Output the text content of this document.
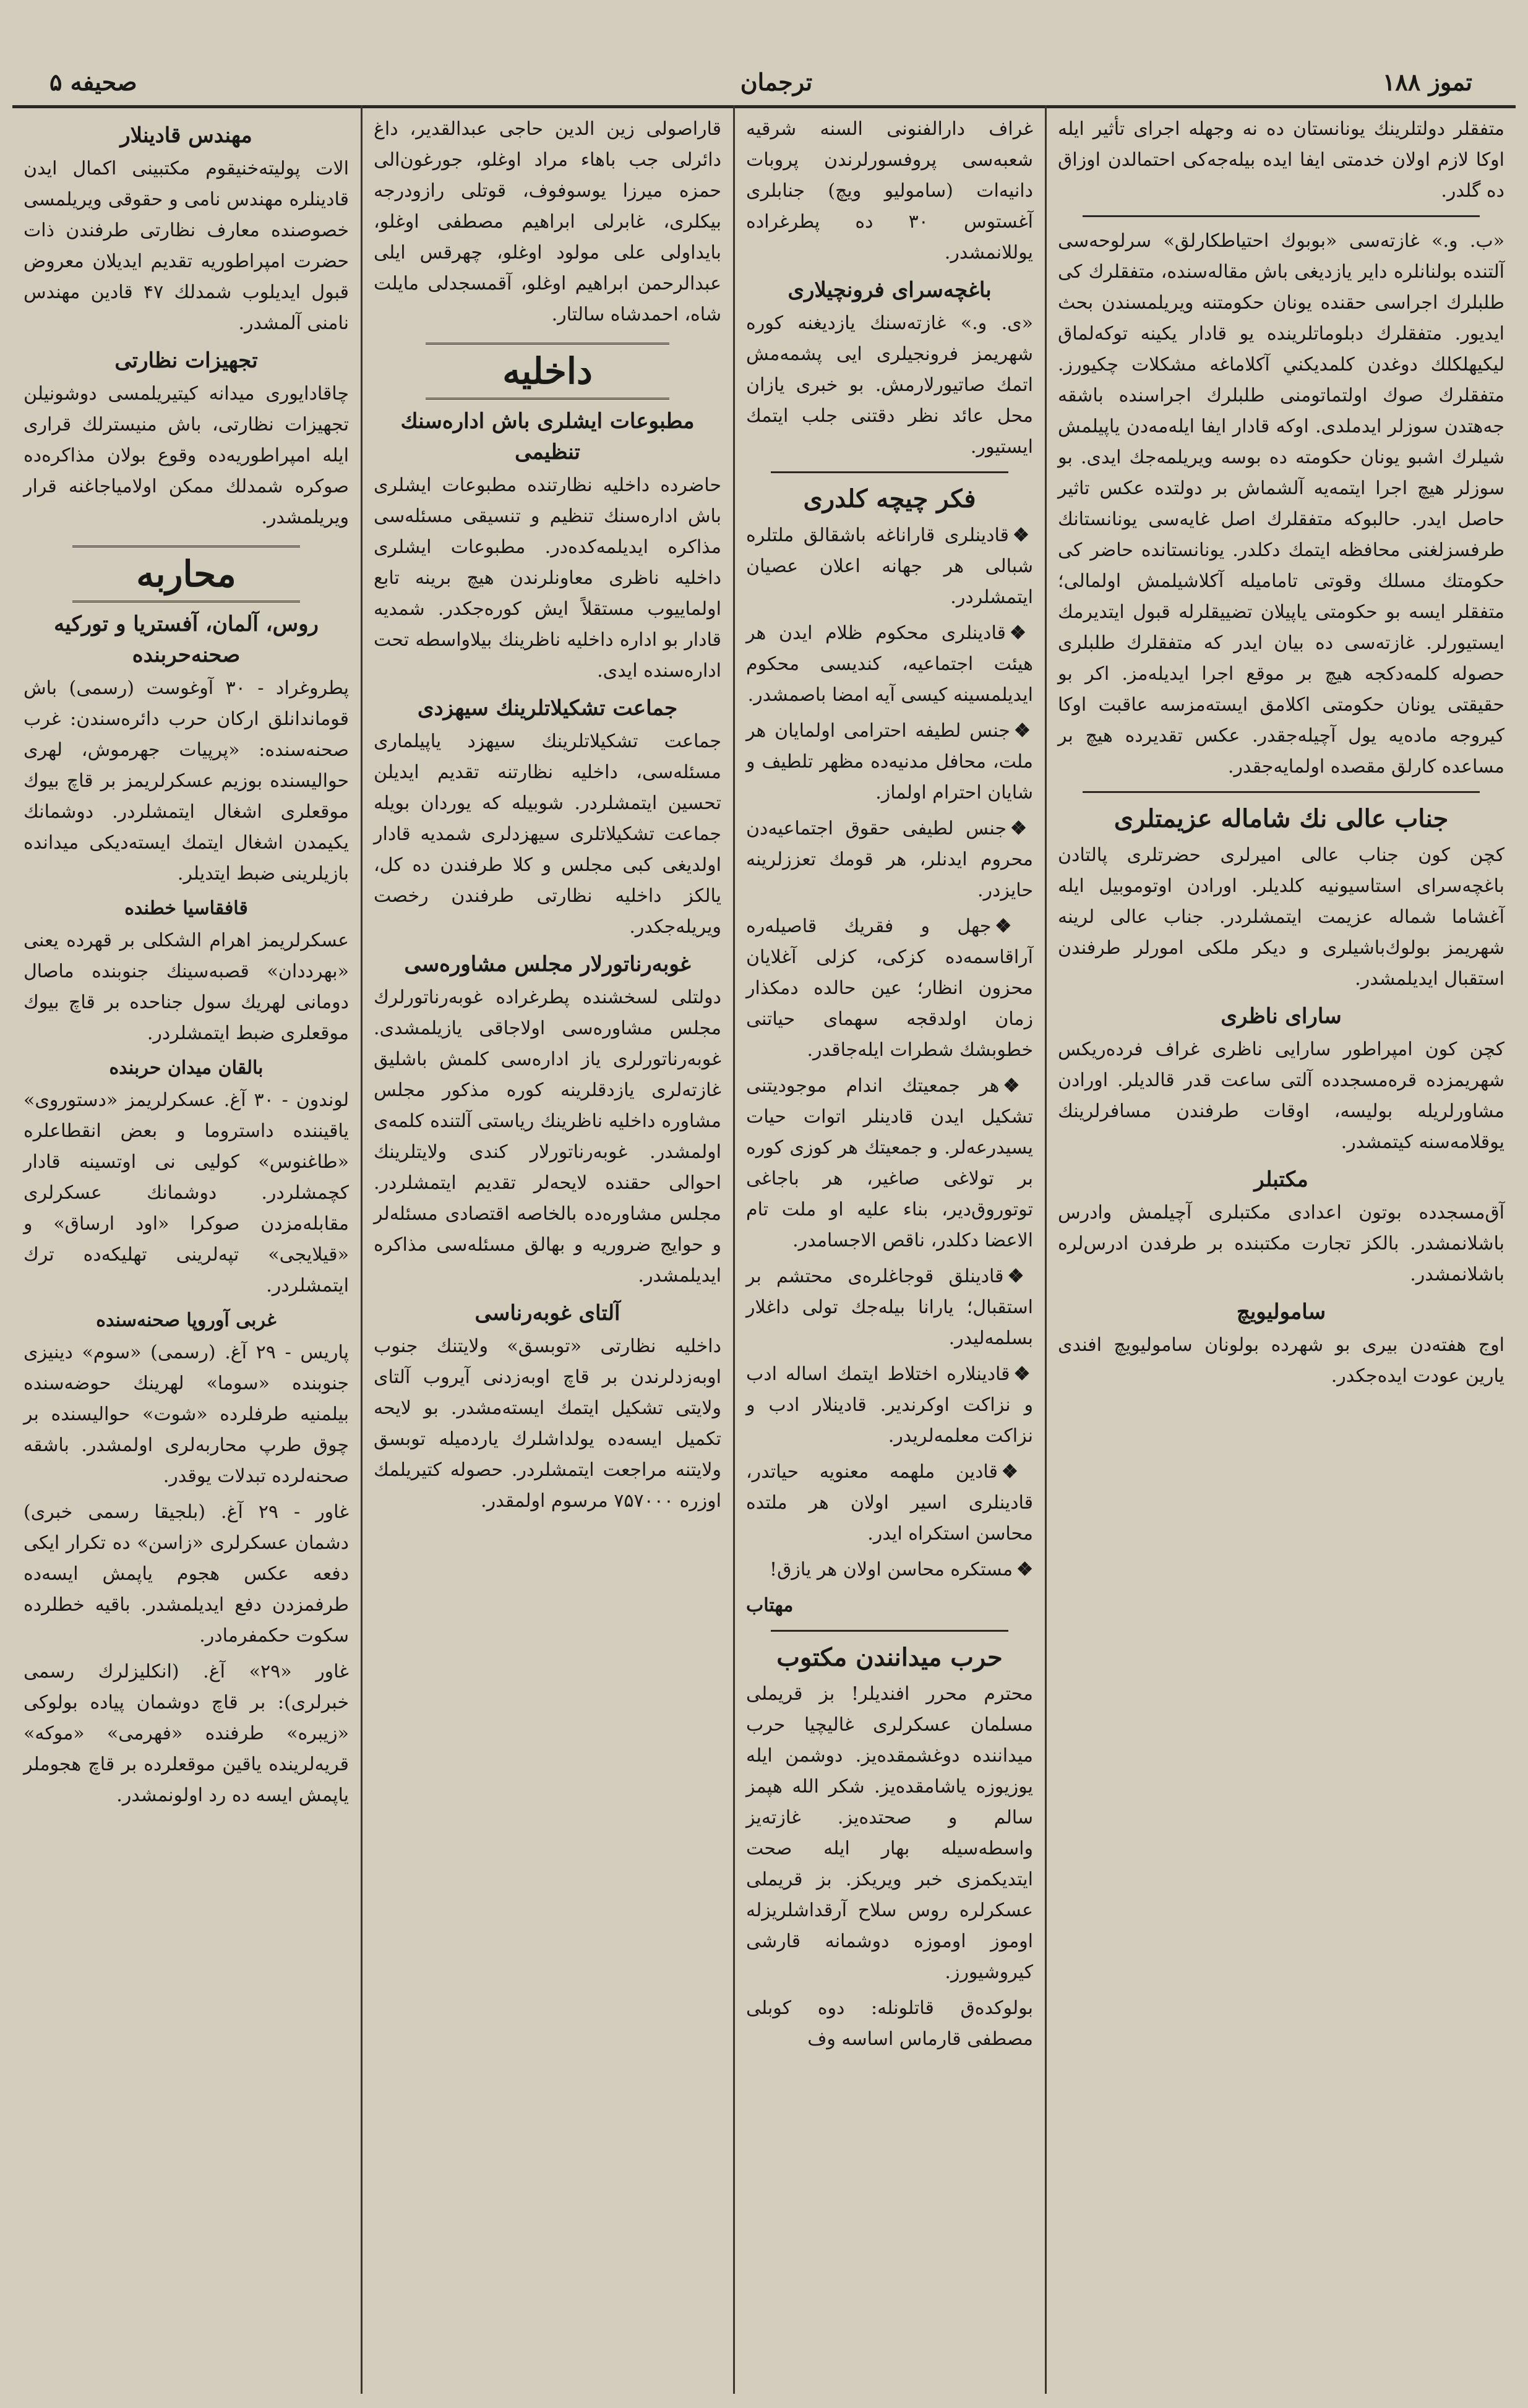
تموز ۱۸۸
ترجمان
صحیفه ۵

متفقلر دولتلرينك يونانستان ده نه وجهله اجراى تأثير ايله اوكا لازم اولان خدمتى ايفا ايده بيله‌جه‌كى احتمالدن اوزاق ده گلدر.

«ب. و.» غازته‌سى «بوبوك احتياطكارلق» سرلوحه‌سى آلتنده بولنانلره داير يازديغى باش مقاله‌سنده، متفقلرك كى طلبلرك اجراسى حقنده يونان حكومتنه ويريلمسندن بحث ايديور. متفقلرك دبلوماتلرينده يو قادار يكينه توكه‌لماق ليكيهلكلك دوغدن كلمديكني آكلاماغه مشكلات چكيورز. متفقلرك صوك اولتماتومنى طلبلرك اجراسنده باشقه جه‌هتدن سوزلر ايدملدى. اوكه قادار ايفا ايله‌مه‌دن ياپيلمش شيلرك اشبو يونان حكومته ده بوسه ويريلمه‌جك ايدى. بو سوزلر هيچ اجرا ايتمه‌يه آلشماش بر دولتده عكس تاثير حاصل ايدر. حالبوكه متفقلرك اصل غايه‌سى يونانستانك طرفسزلغنى محافظه ايتمك دكلدر. يونانستانده حاضر كى حكومتك مسلك وقوتى تاماميله آكلاشيلمش اولمالى؛ متفقلر ايسه بو حكومتى ياپيلان تضييقلرله قبول ايتديرمك ايستيورلر. غازته‌سى ده بيان ايدر كه متفقلرك طلبلرى حصوله كلمه‌دكجه هيچ بر موقع اجرا ايديله‌مز. اكر بو حقيقتى يونان حكومتى اكلامق ايسته‌مزسه عاقبت اوكا كيروجه ماده‌يه يول آچيله‌جقدر. عكس تقديرده هيچ بر مساعده كارلق مقصده اولمايه‌جقدر.

جناب عالى نك شاماله عزيمتلرى

كچن كون جناب عالى اميرلرى حضرتلرى پالتادن باغچه‌سراى استاسيونيه كلديلر. اورادن اوتوموبيل ايله آغشاما شماله عزيمت ايتمشلردر. جناب عالى لرينه شهريمز بولوك‌باشيلرى و ديكر ملكى امورلر طرفندن استقبال ايديلمشدر.

سارای ناظرى

كچن كون امپراطور سارايى ناظرى غراف فرده‌ريكس شهريمزده قره‌مسجدده آلتى ساعت قدر قالديلر. اورادن مشاورلريله بوليسه، اوقات طرفندن مسافرلرينك يوقلامه‌سنه كيتمشدر.

مكتبلر

آق‌مسجدده بوتون اعدادى مكتبلرى آچيلمش وادرس باشلانمشدر. بالكز تجارت مكتبنده بر طرفدن ادرس‌لره باشلانمشدر.

ساموليويچ

اوج هفته‌دن بيرى بو شهرده بولونان ساموليويچ افندى يارين عودت ايده‌جكدر.

غراف دارالفنونی السنه شرقیه شعبه‌سی پروفسورلرندن پروبات دانیه‌ات (ساموليو ويچ) جنابلری آغستوس ۳۰ ده پطرغراده يوللانمشدر.

باغچه‌سرای فرونچیلاری

«ی. و.» غازته‌سنك يازديغنه كوره شهريمز فرونجيلرى ايى پشمه‌مش اتمك صاتيورلارمش. بو خبرى يازان محل عائد نظر دقتنى جلب ايتمك ايستيور.

فكر چيچه كلدرى

❖قادينلرى قاراناغه باشقالق ملتلره شبالى هر جهانه اعلان عصيان ايتمشلردر.

❖قادينلرى محكوم ظلام ايدن هر هيئت اجتماعيه، كنديسى محكوم ايديلمسينه كيسى آيه امضا باصمشدر.

❖جنس لطيفه احترامى اولمايان هر ملت، محافل مدنيه‌ده مظهر تلطيف و شايان احترام اولماز.

❖جنس لطيفى حقوق اجتماعيه‌دن محروم ايدنلر، هر قومك تعززلرينه حايزدر.

❖جهل و فقريك قاصيله‌ره آراقاسمه‌ده كزكى، كزلى آغلايان محزون انظار؛ عين حالده دمكذار زمان اولدقجه سهماى حياتنى خطوبشك شطرات ايله‌جاقدر.

❖هر جمعيتك اندام موجوديتنى تشكيل ايدن قادينلر اتوات حيات يسيدرعه‌لر. و جمعيتك هر كوزى كوره بر تولاغى صاغير، هر باجاغى توتوروق‌دير، بناء عليه او ملت تام الاعضا دكلدر، ناقص الاجسامدر.

❖قادينلق قوجاغلره‌ى محتشم بر استقبال؛ يارانا بيله‌جك تولى داغلار بسلمه‌ليدر.

❖قادينلاره اختلاط ايتمك اساله ادب و نزاكت اوكرندير. قادينلار ادب و نزاكت معلمه‌لريدر.

❖قادين ملهمه معنويه حياتدر، قادينلرى اسير اولان هر ملتده محاسن استكراه ايدر.

❖مستكره محاسن اولان هر يازق!

مهتاب

حرب ميدانندن مكتوب

محترم محرر افنديلر! بز قريملى مسلمان عسكرلرى غاليچيا حرب ميداننده دوغشمقده‌يز. دوشمن ايله يوزيوزه ياشامقده‌يز. شكر الله هپمز سالم و صحتده‌يز. غازته‌يز واسطه‌سيله بهار ايله صحت ايتديكمزى خبر ويريكز. بز قريملى عسكرلره روس سلاح آرقداشلريزله اوموز اوموزه دوشمانه قارشى كيروشيورز.

بولوكده‌ق قاتلونله: دوه‌ كوبلى مصطفى قارماس اساسه وف

قاراصولی زين الدين حاجی عبدالقدير، داغ دائرلى جب باهاء مراد اوغلو، جورغون‌الى حمزه ميرزا يوسوفوف، قوتلى رازودرجه بيكلرى، غابرلى ابراهيم مصطفى اوغلو، بايداولى علی مولود اوغلو، چهرقس ايلى عبدالرحمن ابراهيم اوغلو، آقمسجدلى مايلت شاه، احمدشاه سالتار.

داخليه
مطبوعات ايشلرى باش اداره‌سنك تنظيمى

حاضرده داخليه نظارتنده مطبوعات ايشلرى باش اداره‌سنك تنظيم و تنسيقى مسئله‌سى مذاكره ايديلمه‌كده‌در. مطبوعات ايشلرى داخليه ناظرى معاونلرندن هيچ برينه تابع اولماييوب مستقلاً ايش كوره‌جكدر. شمديه قادار بو اداره داخليه ناظرينك بيلاواسطه تحت اداره‌سنده ايدى.

جماعت تشكيلاتلرينك سيهزدى

جماعت تشكيلاتلرينك سيهزد ياپيلمارى مسئله‌سى، داخليه نظارتنه تقديم ايديلن تحسين ايتمشلردر. شوبيله كه يوردان بويله جماعت تشكيلاتلرى سيهزدلرى شمديه قادار اولديغى كبى مجلس و كلا طرفندن ده كل، يالكز داخليه نظارتى طرفندن رخصت ويريله‌جكدر.

غوبه‌رناتورلار مجلس مشاوره‌سى

دولتلى لسخشنده پطرغراده غوبه‌رناتورلرك مجلس مشاوره‌سى اولاجاقى يازيلمشدى. غوبه‌رناتورلرى ياز اداره‌سى كلمش باشليق غازته‌لرى يازدقلرينه كوره مذكور مجلس مشاوره داخليه ناظرينك رياستى آلتنده كلمه‌ى اولمشدر. غوبه‌رناتورلار كندى ولايتلرينك احوالى حقنده لايحه‌لر تقديم ايتمشلردر. مجلس مشاوره‌ده بالخاصه اقتصادى مسئله‌لر و حوايج ضروريه و بهالق مسئله‌سى مذاكره ايديلمشدر.

آلتاى غوبه‌رناسى

داخليه نظارتى «توبسق» ولايتنك جنوب اوبه‌زدلرندن بر قاچ اوبه‌زدنى آيروب آلتاى ولايتى تشكيل ايتمك ايسته‌مشدر. بو لايحه تكميل ايسه‌ده يولداشلرك ياردميله توبسق ولايتنه مراجعت ايتمشلردر. حصوله كتيريلمك اوزره ۷۵۷۰۰۰ مرسوم اولمقدر.

مهندس قادینلار

الات پولیته‌خنیقوم مکتبینی اکمال ایدن قادينلره مهندس نامى و حقوقى ويريلمسى خصوصنده معارف نظارتى طرفندن ذات حضرت امپراطوريه تقديم ايديلان معروض قبول ايديلوب شمدلك ۴۷ قادين مهندس نامنى آلمشدر.

تجهیزات نظارتی

چاقادايورى ميدانه كيتيريلمسى دوشونيلن تجهيزات نظارتى، باش منيسترلك قرارى ايله امپراطوريه‌ده وقوع بولان مذاكره‌ده صوكره شمدلك ممكن اولامياجاغنه قرار ويريلمشدر.

محاربه
روس، آلمان، آفستريا و توركيه صحنه‌حربنده

پطروغراد - ۳۰ آوغوست (رسمى) باش قوماندانلق اركان حرب دائره‌سندن: غرب صحنه‌سنده: «پرپيات جهرموش، لهرى حواليسنده بوزيم عسكرلريمز بر قاچ بيوك موقعلرى اشغال ايتمشلردر. دوشمانك يكيمدن اشغال ايتمك ايسته‌ديكى ميدانده بازيلرينى ضبط ايتديلر.

قافقاسيا خطنده

عسكرلريمز اهرام الشكلى بر قهرده يعنى «بهرددان» قصبه‌سينك جنوبنده ماصال دومانى لهريك سول جناحده بر قاچ بيوك موقعلرى ضبط ايتمشلردر.

بالقان ميدان حربنده

لوندون - ۳۰ آغ. عسكرلريمز «دستوروى» ياقيننده داستروما و بعض انقطاعلره «طاغنوس» كوليى نى اوتسينه قادار كچمشلردر. دوشمانك عسكرلرى مقابله‌مزدن صوكرا «اود ارساق» و «قيلايجى» تپه‌لرينى تهليكه‌ده ترك ايتمشلردر.

غربى آوروپا صحنه‌سنده

پاريس - ۲۹ آغ. (رسمى) «سوم» دينيزى جنوبنده «سوما» لهرينك حوضه‌سنده بيلمنيه طرفلرده «شوت» حواليسنده بر چوق طرپ محاربه‌لرى اولمشدر. باشقه صحنه‌لرده تبدلات يوقدر.

غاور - ۲۹ آغ. (بلجيقا رسمى خبرى) دشمان عسكرلرى «زاسن» ده تكرار ايكى دفعه عكس هجوم ياپمش ايسه‌ده طرفمزدن دفع ايديلمشدر. باقيه خطلرده سكوت حكمفرمادر.

غاور «۲۹» آغ. (انكليزلرك رسمى خبرلرى): بر قاچ دوشمان پياده بولوكى «زيبره» طرفنده «فهرمى» «موكه» قريه‌لرينده ياقين موقعلرده بر قاچ هجوملر ياپمش ايسه ده رد اولونمشدر.
